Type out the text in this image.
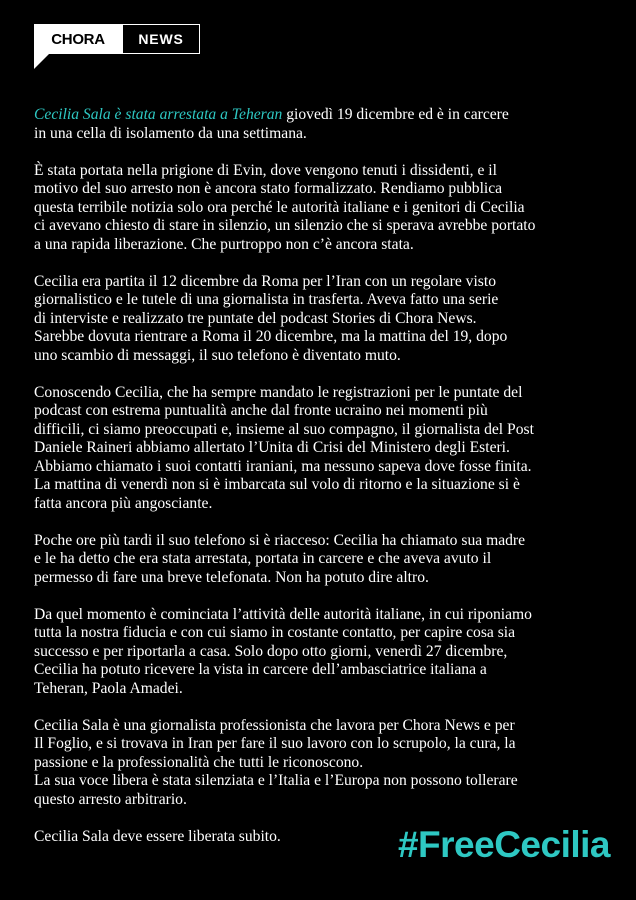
CHORA	NEWS

Cecilia Sala è stata arrestata a Teheran giovedì 19 dicembre ed è in carcere
in una cella di isolamento da una settimana.

È stata portata nella prigione di Evin, dove vengono tenuti i dissidenti, e il
motivo del suo arresto non è ancora stato formalizzato. Rendiamo pubblica
questa terribile notizia solo ora perché le autorità italiane e i genitori di Cecilia
ci avevano chiesto di stare in silenzio, un silenzio che si sperava avrebbe portato
a una rapida liberazione. Che purtroppo non c’è ancora stata.

Cecilia era partita il 12 dicembre da Roma per l’Iran con un regolare visto
giornalistico e le tutele di una giornalista in trasferta. Aveva fatto una serie
di interviste e realizzato tre puntate del podcast Stories di Chora News.
Sarebbe dovuta rientrare a Roma il 20 dicembre, ma la mattina del 19, dopo
uno scambio di messaggi, il suo telefono è diventato muto.

Conoscendo Cecilia, che ha sempre mandato le registrazioni per le puntate del
podcast con estrema puntualità anche dal fronte ucraino nei momenti più
difficili, ci siamo preoccupati e, insieme al suo compagno, il giornalista del Post
Daniele Raineri abbiamo allertato l’Unita di Crisi del Ministero degli Esteri.
Abbiamo chiamato i suoi contatti iraniani, ma nessuno sapeva dove fosse finita.
La mattina di venerdì non si è imbarcata sul volo di ritorno e la situazione si è
fatta ancora più angosciante.

Poche ore più tardi il suo telefono si è riacceso: Cecilia ha chiamato sua madre
e le ha detto che era stata arrestata, portata in carcere e che aveva avuto il
permesso di fare una breve telefonata. Non ha potuto dire altro.

Da quel momento è cominciata l’attività delle autorità italiane, in cui riponiamo
tutta la nostra fiducia e con cui siamo in costante contatto, per capire cosa sia
successo e per riportarla a casa. Solo dopo otto giorni, venerdì 27 dicembre,
Cecilia ha potuto ricevere la vista in carcere dell’ambasciatrice italiana a
Teheran, Paola Amadei.

Cecilia Sala è una giornalista professionista che lavora per Chora News e per
Il Foglio, e si trovava in Iran per fare il suo lavoro con lo scrupolo, la cura, la
passione e la professionalità che tutti le riconoscono.
La sua voce libera è stata silenziata e l’Italia e l’Europa non possono tollerare
questo arresto arbitrario.

Cecilia Sala deve essere liberata subito.	#FreeCecilia
